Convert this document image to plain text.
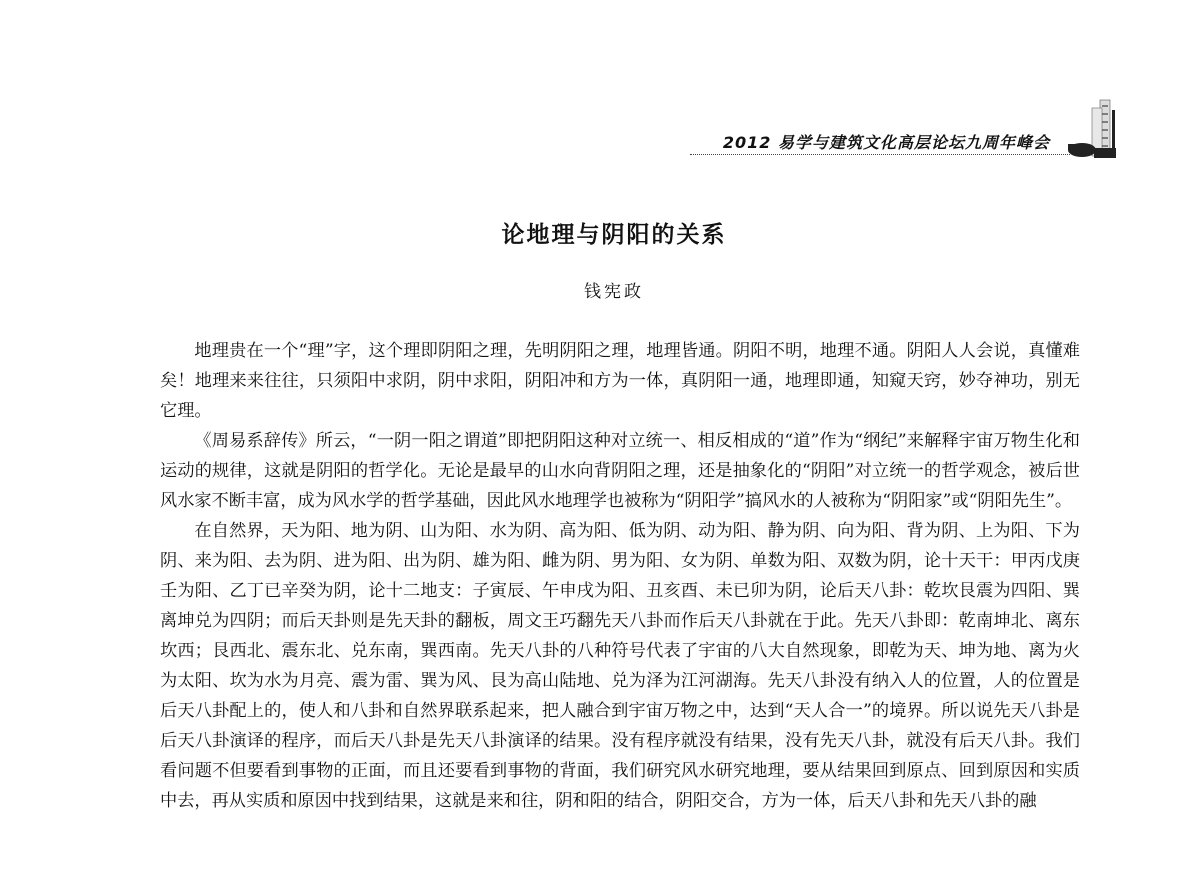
2012 易学与建筑文化高层论坛九周年峰会
论地理与阴阳的关系
钱宪政

地理贵在一个“理”字，这个理即阴阳之理，先明阴阳之理，地理皆通。阴阳不明，地理不通。阴阳人人会说，真懂难矣！地理来来往往，只须阳中求阴，阴中求阳，阴阳冲和方为一体，真阴阳一通，地理即通，知窥天窍，妙夺神功，别无它理。

《周易系辞传》所云，“一阴一阳之谓道”即把阴阳这种对立统一、相反相成的“道”作为“纲纪”来解释宇宙万物生化和运动的规律，这就是阴阳的哲学化。无论是最早的山水向背阴阳之理，还是抽象化的“阴阳”对立统一的哲学观念，被后世风水家不断丰富，成为风水学的哲学基础，因此风水地理学也被称为“阴阳学”搞风水的人被称为“阴阳家”或“阴阳先生”。

在自然界，天为阳、地为阴、山为阳、水为阴、高为阳、低为阴、动为阳、静为阴、向为阳、背为阴、上为阳、下为阴、来为阳、去为阴、进为阳、出为阴、雄为阳、雌为阴、男为阳、女为阴、单数为阳、双数为阴，论十天干：甲丙戊庚壬为阳、乙丁已辛癸为阴，论十二地支：子寅辰、午申戌为阳、丑亥酉、未已卯为阴，论后天八卦：乾坎艮震为四阳、巽离坤兑为四阴；而后天卦则是先天卦的翻板，周文王巧翻先天八卦而作后天八卦就在于此。先天八卦即：乾南坤北、离东坎西；艮西北、震东北、兑东南，巽西南。先天八卦的八种符号代表了宇宙的八大自然现象，即乾为天、坤为地、离为火为太阳、坎为水为月亮、震为雷、巽为风、艮为高山陆地、兑为泽为江河湖海。先天八卦没有纳入人的位置，人的位置是后天八卦配上的，使人和八卦和自然界联系起来，把人融合到宇宙万物之中，达到“天人合一”的境界。所以说先天八卦是后天八卦演译的程序，而后天八卦是先天八卦演译的结果。没有程序就没有结果，没有先天八卦，就没有后天八卦。我们看问题不但要看到事物的正面，而且还要看到事物的背面，我们研究风水研究地理，要从结果回到原点、回到原因和实质中去，再从实质和原因中找到结果，这就是来和往，阴和阳的结合，阴阳交合，方为一体，后天八卦和先天八卦的融
